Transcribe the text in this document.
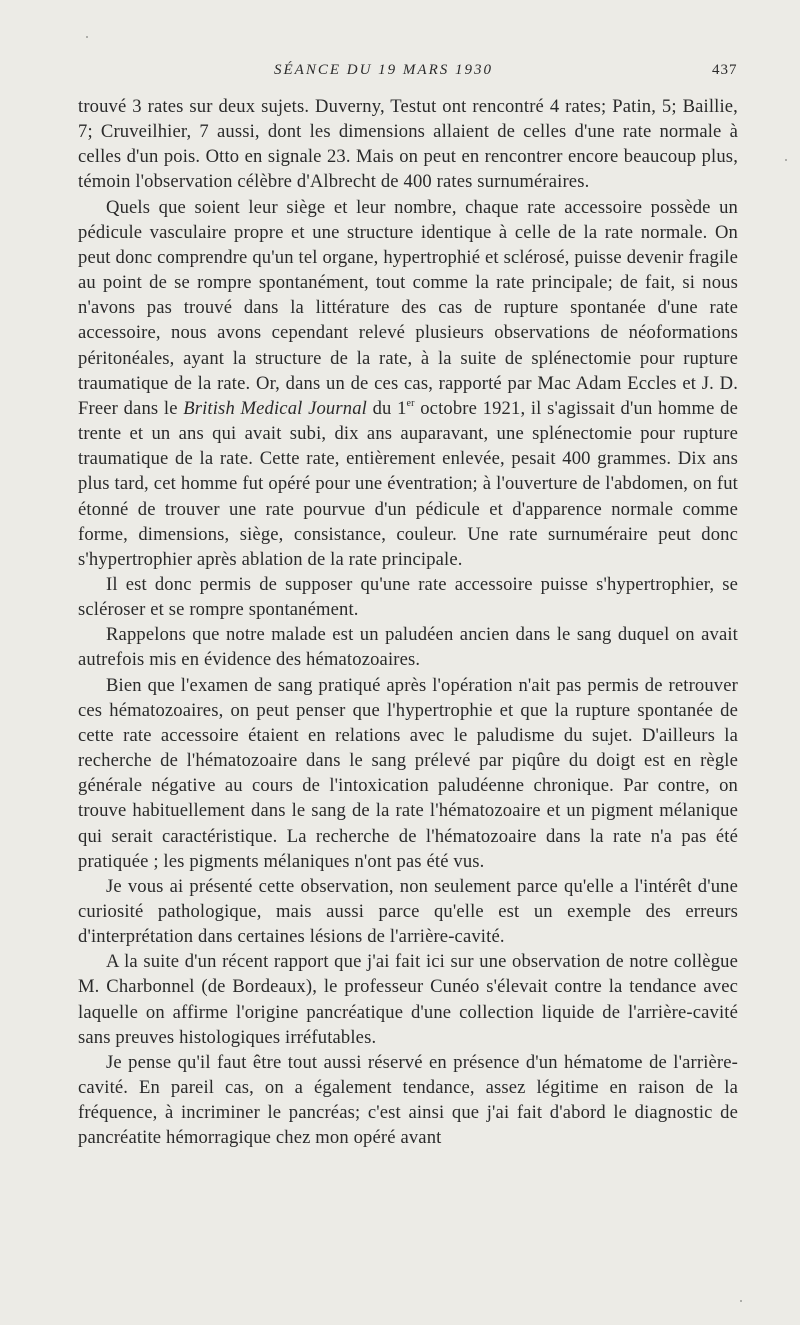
SÉANCE DU 19 MARS 1930	437

trouvé 3 rates sur deux sujets. Duverny, Testut ont rencontré 4 rates; Patin, 5; Baillie, 7; Cruveilhier, 7 aussi, dont les dimensions allaient de celles d'une rate normale à celles d'un pois. Otto en signale 23. Mais on peut en rencontrer encore beaucoup plus, témoin l'observation célèbre d'Albrecht de 400 rates surnuméraires.

Quels que soient leur siège et leur nombre, chaque rate accessoire possède un pédicule vasculaire propre et une structure identique à celle de la rate normale. On peut donc comprendre qu'un tel organe, hypertrophié et sclérosé, puisse devenir fragile au point de se rompre spontanément, tout comme la rate principale; de fait, si nous n'avons pas trouvé dans la littérature des cas de rupture spontanée d'une rate accessoire, nous avons cependant relevé plusieurs observations de néoformations péritonéales, ayant la structure de la rate, à la suite de splénectomie pour rupture traumatique de la rate. Or, dans un de ces cas, rapporté par Mac Adam Eccles et J. D. Freer dans le British Medical Journal du 1er octobre 1921, il s'agissait d'un homme de trente et un ans qui avait subi, dix ans auparavant, une splénectomie pour rupture traumatique de la rate. Cette rate, entièrement enlevée, pesait 400 grammes. Dix ans plus tard, cet homme fut opéré pour une éventration; à l'ouverture de l'abdomen, on fut étonné de trouver une rate pourvue d'un pédicule et d'apparence normale comme forme, dimensions, siège, consistance, couleur. Une rate surnuméraire peut donc s'hypertrophier après ablation de la rate principale.

Il est donc permis de supposer qu'une rate accessoire puisse s'hypertrophier, se scléroser et se rompre spontanément.

Rappelons que notre malade est un paludéen ancien dans le sang duquel on avait autrefois mis en évidence des hématozoaires.

Bien que l'examen de sang pratiqué après l'opération n'ait pas permis de retrouver ces hématozoaires, on peut penser que l'hypertrophie et que la rupture spontanée de cette rate accessoire étaient en relations avec le paludisme du sujet. D'ailleurs la recherche de l'hématozoaire dans le sang prélevé par piqûre du doigt est en règle générale négative au cours de l'intoxication paludéenne chronique. Par contre, on trouve habituellement dans le sang de la rate l'hématozoaire et un pigment mélanique qui serait caractéristique. La recherche de l'hématozoaire dans la rate n'a pas été pratiquée ; les pigments mélaniques n'ont pas été vus.

Je vous ai présenté cette observation, non seulement parce qu'elle a l'intérêt d'une curiosité pathologique, mais aussi parce qu'elle est un exemple des erreurs d'interprétation dans certaines lésions de l'arrière-cavité.

A la suite d'un récent rapport que j'ai fait ici sur une observation de notre collègue M. Charbonnel (de Bordeaux), le professeur Cunéo s'élevait contre la tendance avec laquelle on affirme l'origine pancréatique d'une collection liquide de l'arrière-cavité sans preuves histologiques irréfutables.

Je pense qu'il faut être tout aussi réservé en présence d'un hématome de l'arrière-cavité. En pareil cas, on a également tendance, assez légitime en raison de la fréquence, à incriminer le pancréas; c'est ainsi que j'ai fait d'abord le diagnostic de pancréatite hémorragique chez mon opéré avant
